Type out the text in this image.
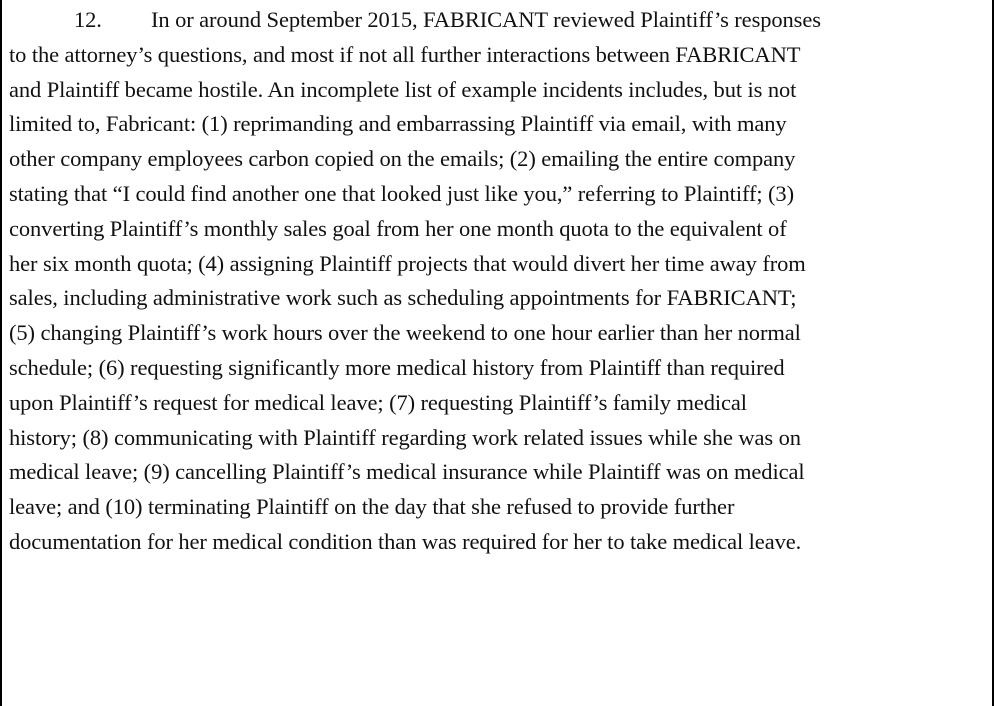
12. In or around September 2015, FABRICANT reviewed Plaintiff’s responses
to the attorney’s questions, and most if not all further interactions between FABRICANT
and Plaintiff became hostile. An incomplete list of example incidents includes, but is not
limited to, Fabricant: (1) reprimanding and embarrassing Plaintiff via email, with many
other company employees carbon copied on the emails; (2) emailing the entire company
stating that “I could find another one that looked just like you,” referring to Plaintiff; (3)
converting Plaintiff’s monthly sales goal from her one month quota to the equivalent of
her six month quota; (4) assigning Plaintiff projects that would divert her time away from
sales, including administrative work such as scheduling appointments for FABRICANT;
(5) changing Plaintiff’s work hours over the weekend to one hour earlier than her normal
schedule; (6) requesting significantly more medical history from Plaintiff than required
upon Plaintiff’s request for medical leave; (7) requesting Plaintiff’s family medical
history; (8) communicating with Plaintiff regarding work related issues while she was on
medical leave; (9) cancelling Plaintiff’s medical insurance while Plaintiff was on medical
leave; and (10) terminating Plaintiff on the day that she refused to provide further
documentation for her medical condition than was required for her to take medical leave.
